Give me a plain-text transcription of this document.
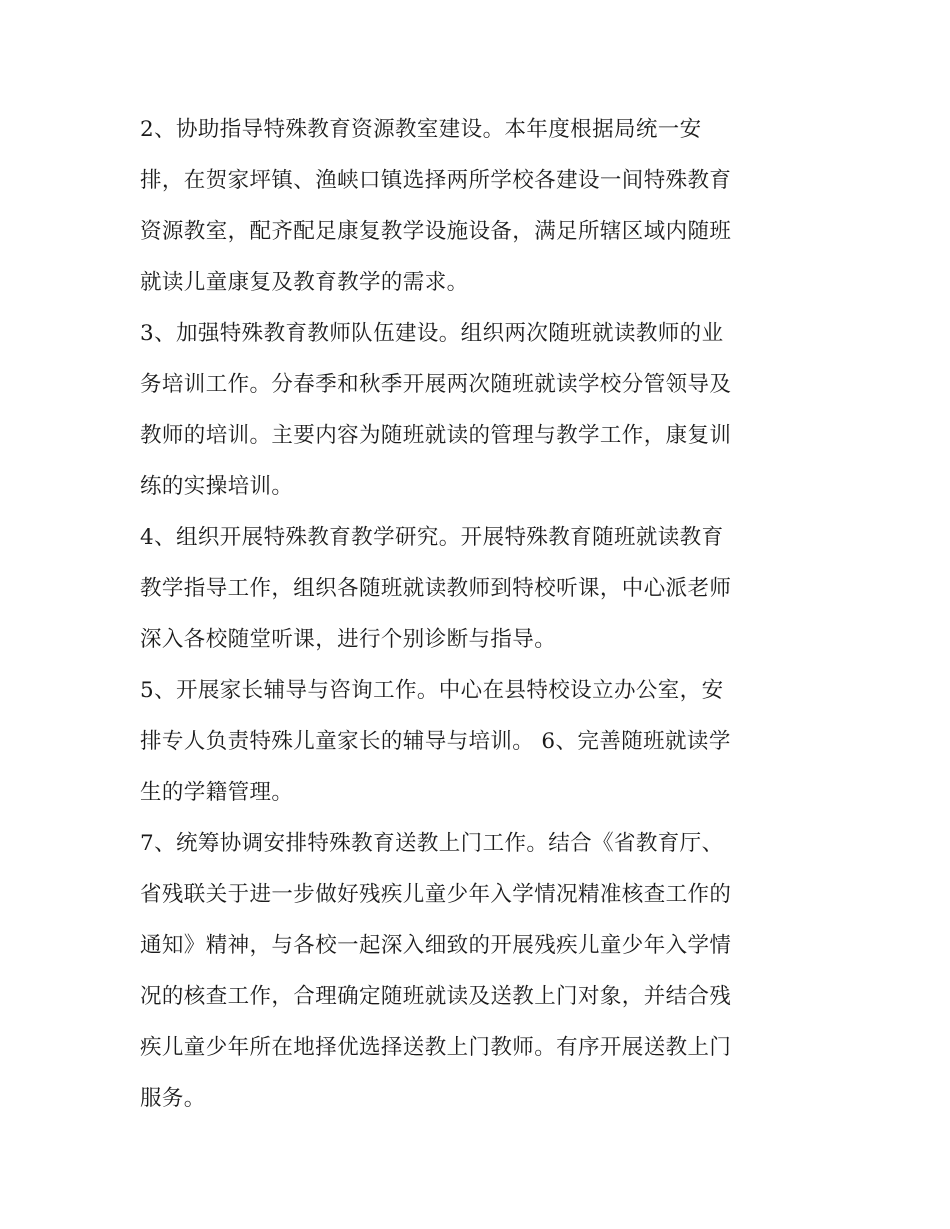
2、协助指导特殊教育资源教室建设。本年度根据局统一安
排，在贺家坪镇、渔峡口镇选择两所学校各建设一间特殊教育
资源教室，配齐配足康复教学设施设备，满足所辖区域内随班
就读儿童康复及教育教学的需求。
3、加强特殊教育教师队伍建设。组织两次随班就读教师的业
务培训工作。分春季和秋季开展两次随班就读学校分管领导及
教师的培训。主要内容为随班就读的管理与教学工作，康复训
练的实操培训。
4、组织开展特殊教育教学研究。开展特殊教育随班就读教育
教学指导工作，组织各随班就读教师到特校听课，中心派老师
深入各校随堂听课，进行个别诊断与指导。
5、开展家长辅导与咨询工作。中心在县特校设立办公室，安
排专人负责特殊儿童家长的辅导与培训。 6、完善随班就读学
生的学籍管理。
7、统筹协调安排特殊教育送教上门工作。结合《省教育厅、
省残联关于进一步做好残疾儿童少年入学情况精准核查工作的
通知》精神，与各校一起深入细致的开展残疾儿童少年入学情
况的核查工作，合理确定随班就读及送教上门对象，并结合残
疾儿童少年所在地择优选择送教上门教师。有序开展送教上门
服务。
